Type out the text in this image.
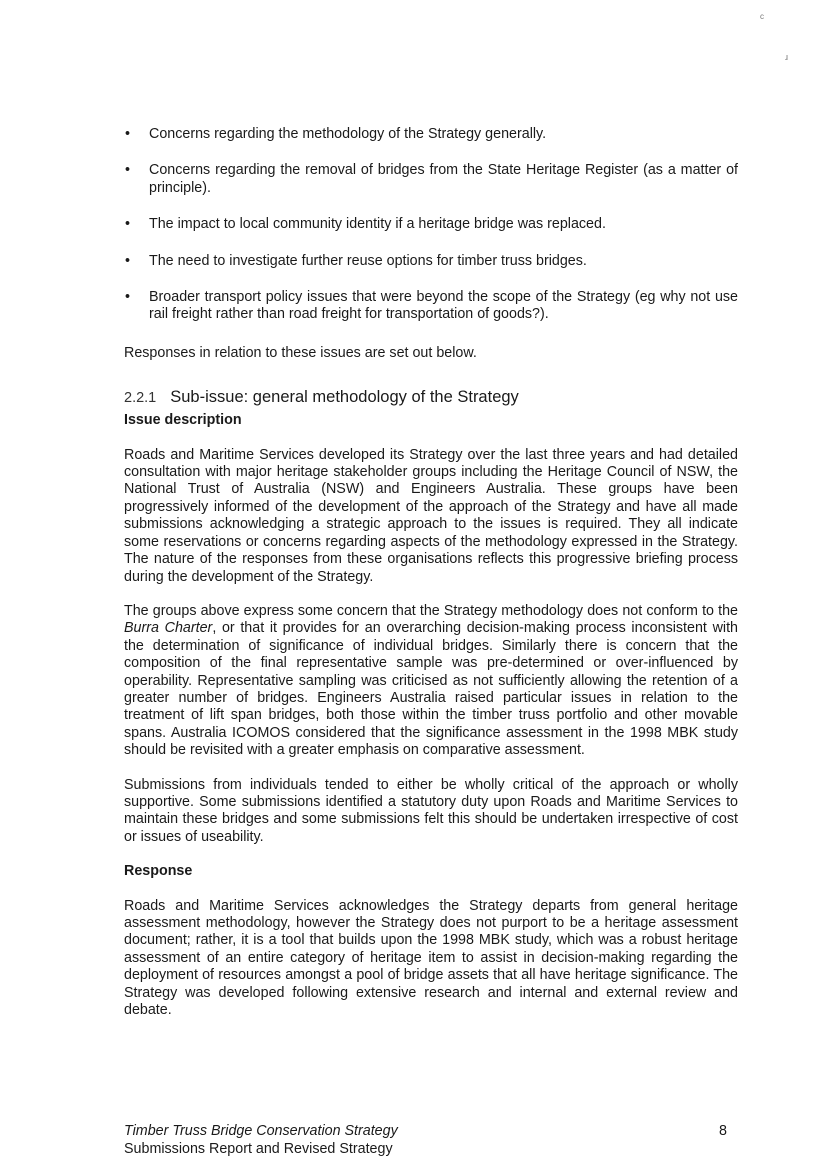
c
ɹ
• Concerns regarding the methodology of the Strategy generally.
• Concerns regarding the removal of bridges from the State Heritage Register (as a matter of principle).
• The impact to local community identity if a heritage bridge was replaced.
• The need to investigate further reuse options for timber truss bridges.
• Broader transport policy issues that were beyond the scope of the Strategy (eg why not use rail freight rather than road freight for transportation of goods?).

Responses in relation to these issues are set out below.

2.2.1 Sub-issue: general methodology of the Strategy
Issue description

Roads and Maritime Services developed its Strategy over the last three years and had detailed consultation with major heritage stakeholder groups including the Heritage Council of NSW, the National Trust of Australia (NSW) and Engineers Australia. These groups have been progressively informed of the development of the approach of the Strategy and have all made submissions acknowledging a strategic approach to the issues is required. They all indicate some reservations or concerns regarding aspects of the methodology expressed in the Strategy. The nature of the responses from these organisations reflects this progressive briefing process during the development of the Strategy.

The groups above express some concern that the Strategy methodology does not conform to the Burra Charter, or that it provides for an overarching decision-making process inconsistent with the determination of significance of individual bridges. Similarly there is concern that the composition of the final representative sample was pre-determined or over-influenced by operability. Representative sampling was criticised as not sufficiently allowing the retention of a greater number of bridges. Engineers Australia raised particular issues in relation to the treatment of lift span bridges, both those within the timber truss portfolio and other movable spans. Australia ICOMOS considered that the significance assessment in the 1998 MBK study should be revisited with a greater emphasis on comparative assessment.

Submissions from individuals tended to either be wholly critical of the approach or wholly supportive. Some submissions identified a statutory duty upon Roads and Maritime Services to maintain these bridges and some submissions felt this should be undertaken irrespective of cost or issues of useability.

Response

Roads and Maritime Services acknowledges the Strategy departs from general heritage assessment methodology, however the Strategy does not purport to be a heritage assessment document; rather, it is a tool that builds upon the 1998 MBK study, which was a robust heritage assessment of an entire category of heritage item to assist in decision-making regarding the deployment of resources amongst a pool of bridge assets that all have heritage significance. The Strategy was developed following extensive research and internal and external review and debate.

Timber Truss Bridge Conservation Strategy
Submissions Report and Revised Strategy
8
